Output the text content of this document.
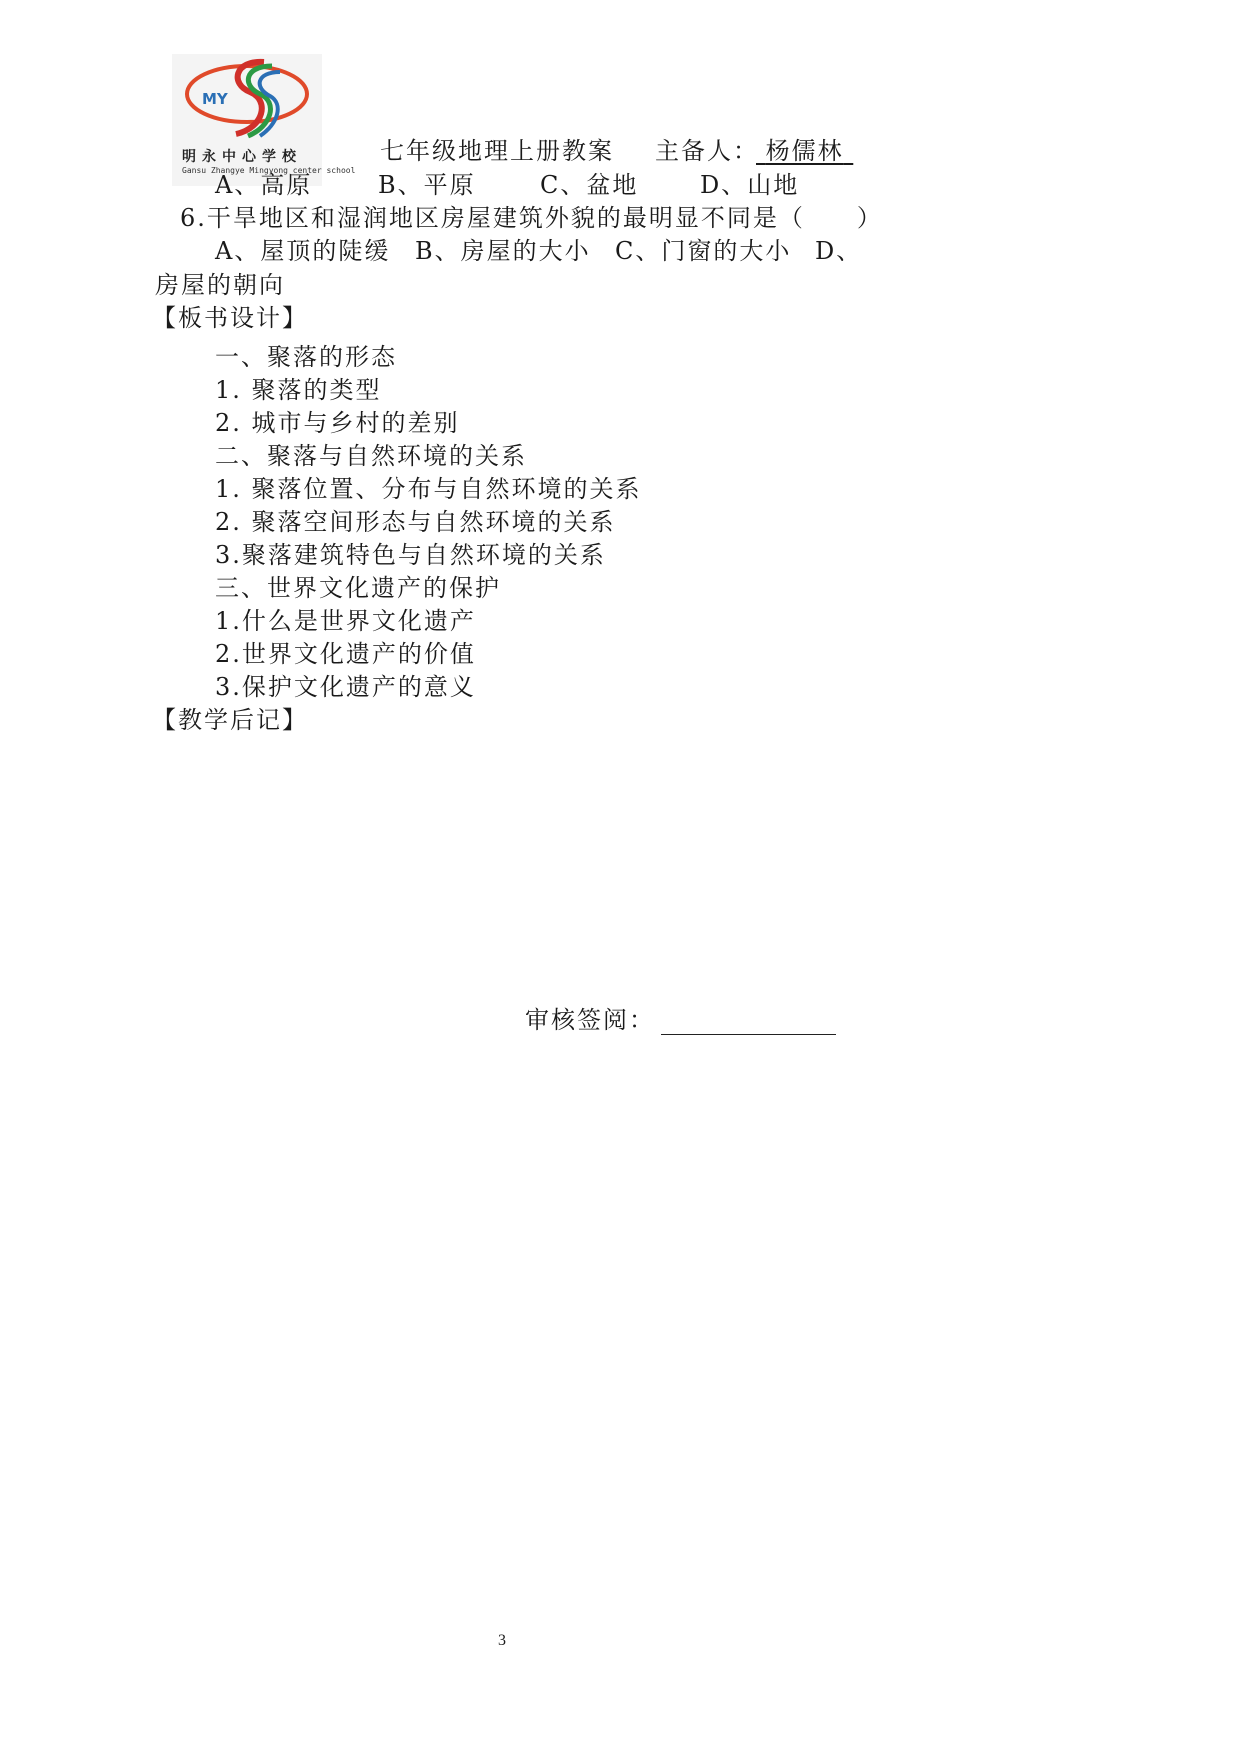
MY
明永中心学校
Gansu Zhangye Mingyong center school
七年级地理上册教案 主备人： 杨儒林
A、高原	B、平原	C、盆地	D、山地
6.干旱地区和湿润地区房屋建筑外貌的最明显不同是（　　）
A、屋顶的陡缓 B、房屋的大小 C、门窗的大小 D、
房屋的朝向
【板书设计】
一、聚落的形态
1. 聚落的类型
2. 城市与乡村的差别
二、聚落与自然环境的关系
1. 聚落位置、分布与自然环境的关系
2. 聚落空间形态与自然环境的关系
3.聚落建筑特色与自然环境的关系
三、世界文化遗产的保护
1.什么是世界文化遗产
2.世界文化遗产的价值
3.保护文化遗产的意义
【教学后记】
审核签阅：
3
